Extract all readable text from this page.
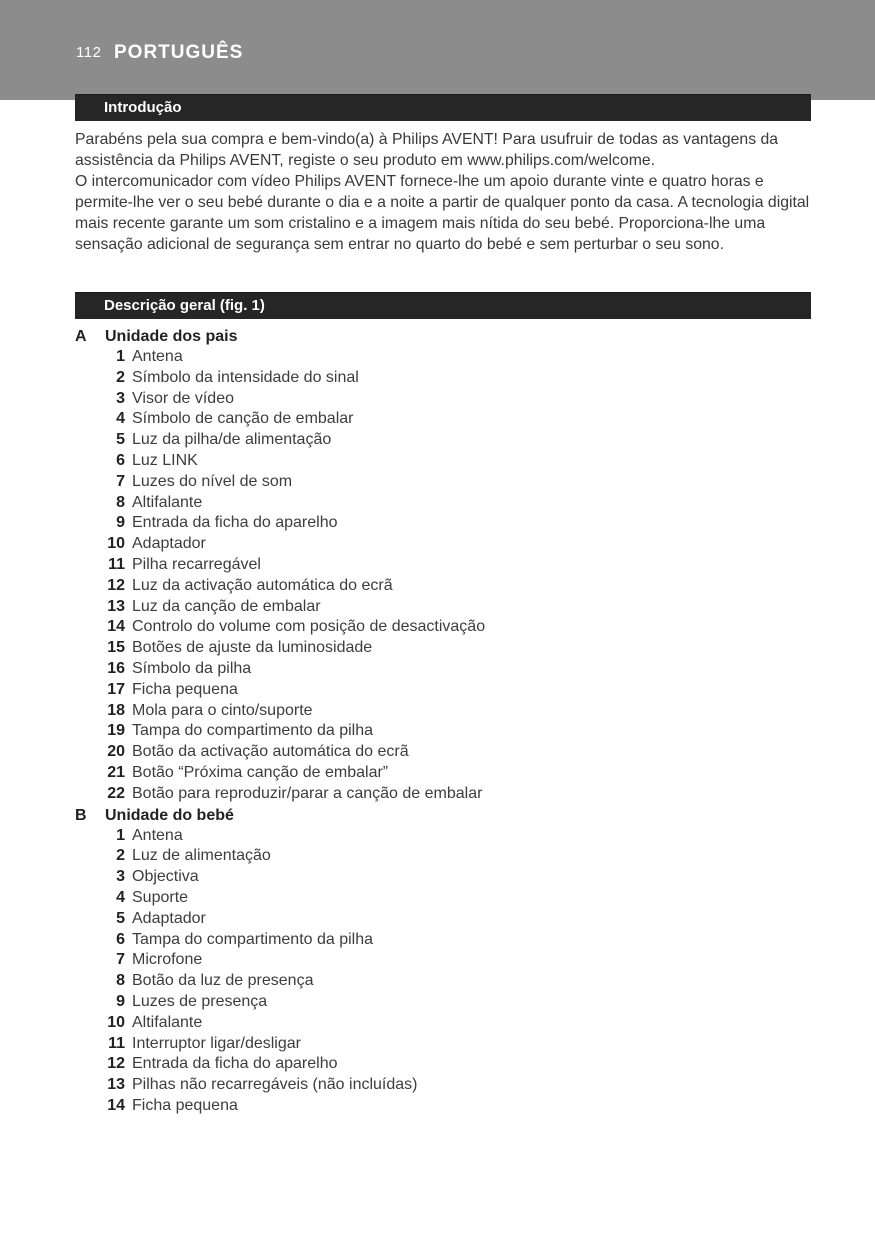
112 PORTUGUÊS
Introdução

Parabéns pela sua compra e bem-vindo(a) à Philips AVENT! Para usufruir de todas as vantagens da assistência da Philips AVENT, registe o seu produto em www.philips.com/welcome.

O intercomunicador com vídeo Philips AVENT fornece-lhe um apoio durante vinte e quatro horas e permite-lhe ver o seu bebé durante o dia e a noite a partir de qualquer ponto da casa. A tecnologia digital mais recente garante um som cristalino e a imagem mais nítida do seu bebé. Proporciona-lhe uma sensação adicional de segurança sem entrar no quarto do bebé e sem perturbar o seu sono.

Descrição geral (fig. 1)
A Unidade dos pais
1 Antena
2 Símbolo da intensidade do sinal
3 Visor de vídeo
4 Símbolo de canção de embalar
5 Luz da pilha/de alimentação
6 Luz LINK
7 Luzes do nível de som
8 Altifalante
9 Entrada da ficha do aparelho
10 Adaptador
11 Pilha recarregável
12 Luz da activação automática do ecrã
13 Luz da canção de embalar
14 Controlo do volume com posição de desactivação
15 Botões de ajuste da luminosidade
16 Símbolo da pilha
17 Ficha pequena
18 Mola para o cinto/suporte
19 Tampa do compartimento da pilha
20 Botão da activação automática do ecrã
21 Botão “Próxima canção de embalar”
22 Botão para reproduzir/parar a canção de embalar
B Unidade do bebé
1 Antena
2 Luz de alimentação
3 Objectiva
4 Suporte
5 Adaptador
6 Tampa do compartimento da pilha
7 Microfone
8 Botão da luz de presença
9 Luzes de presença
10 Altifalante
11 Interruptor ligar/desligar
12 Entrada da ficha do aparelho
13 Pilhas não recarregáveis (não incluídas)
14 Ficha pequena
